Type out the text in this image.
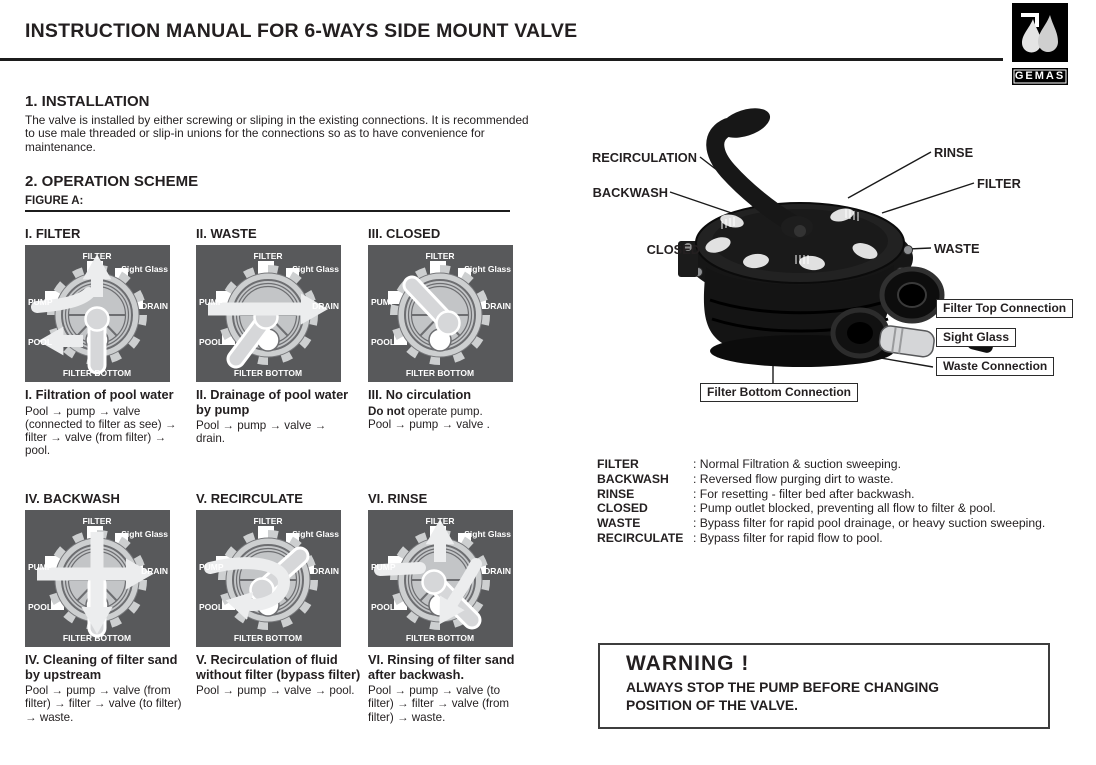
INSTRUCTION MANUAL FOR 6-WAYS SIDE MOUNT VALVE
GEMAS
1. INSTALLATION
The valve is installed by either screwing or sliping in the existing connections. It is recommended to use male threaded or slip-in unions for the connections so as to have convenience for maintenance.
2. OPERATION SCHEME
FIGURE A:
I. FILTER
FILTER
Sight Glass
PUMP	DRAIN
POOL
FILTER BOTTOM
II. WASTE
FILTER
Sight Glass
PUMP	DRAIN
POOL
FILTER BOTTOM
III. CLOSED
FILTER
Sight Glass
PUMP	DRAIN
POOL
FILTER BOTTOM
IV. BACKWASH
FILTER
Sight Glass
PUMP	DRAIN
POOL
FILTER BOTTOM
V. RECIRCULATE
FILTER
Sight Glass
PUMP	DRAIN
POOL
FILTER BOTTOM
VI. RINSE
FILTER
Sight Glass
PUMP	DRAIN
POOL
FILTER BOTTOM
I. Filtration of pool water
Pool → pump → valve (connected to filter as see) → filter → valve (from filter) → pool.
II. Drainage of pool water by pump
Pool → pump → valve → drain.
III. No circulation
Do not operate pump.
Pool → pump → valve .
IV. Cleaning of filter sand by upstream
Pool → pump → valve (from filter) → filter → valve (to filter) → waste.
V. Recirculation of fluid without filter (bypass filter)
Pool → pump → valve → pool.
VI. Rinsing of filter sand after backwash.
Pool → pump → valve (to filter) → filter → valve (from filter) → waste.
RECIRCULATION
BACKWASH
CLOSED
RINSE
FILTER
WASTE
Filter Top Connection
Sight Glass
Waste Connection
Filter Bottom Connection
FILTER	: Normal Filtration & suction sweeping.
BACKWASH	: Reversed flow purging dirt to waste.
RINSE	: For resetting - filter bed after backwash.
CLOSED	: Pump outlet blocked, preventing all flow to filter & pool.
WASTE	: Bypass filter for rapid pool drainage, or heavy suction sweeping.
RECIRCULATE : Bypass filter for rapid flow to pool.
WARNING !
ALWAYS STOP THE PUMP BEFORE CHANGING
POSITION OF THE VALVE.
